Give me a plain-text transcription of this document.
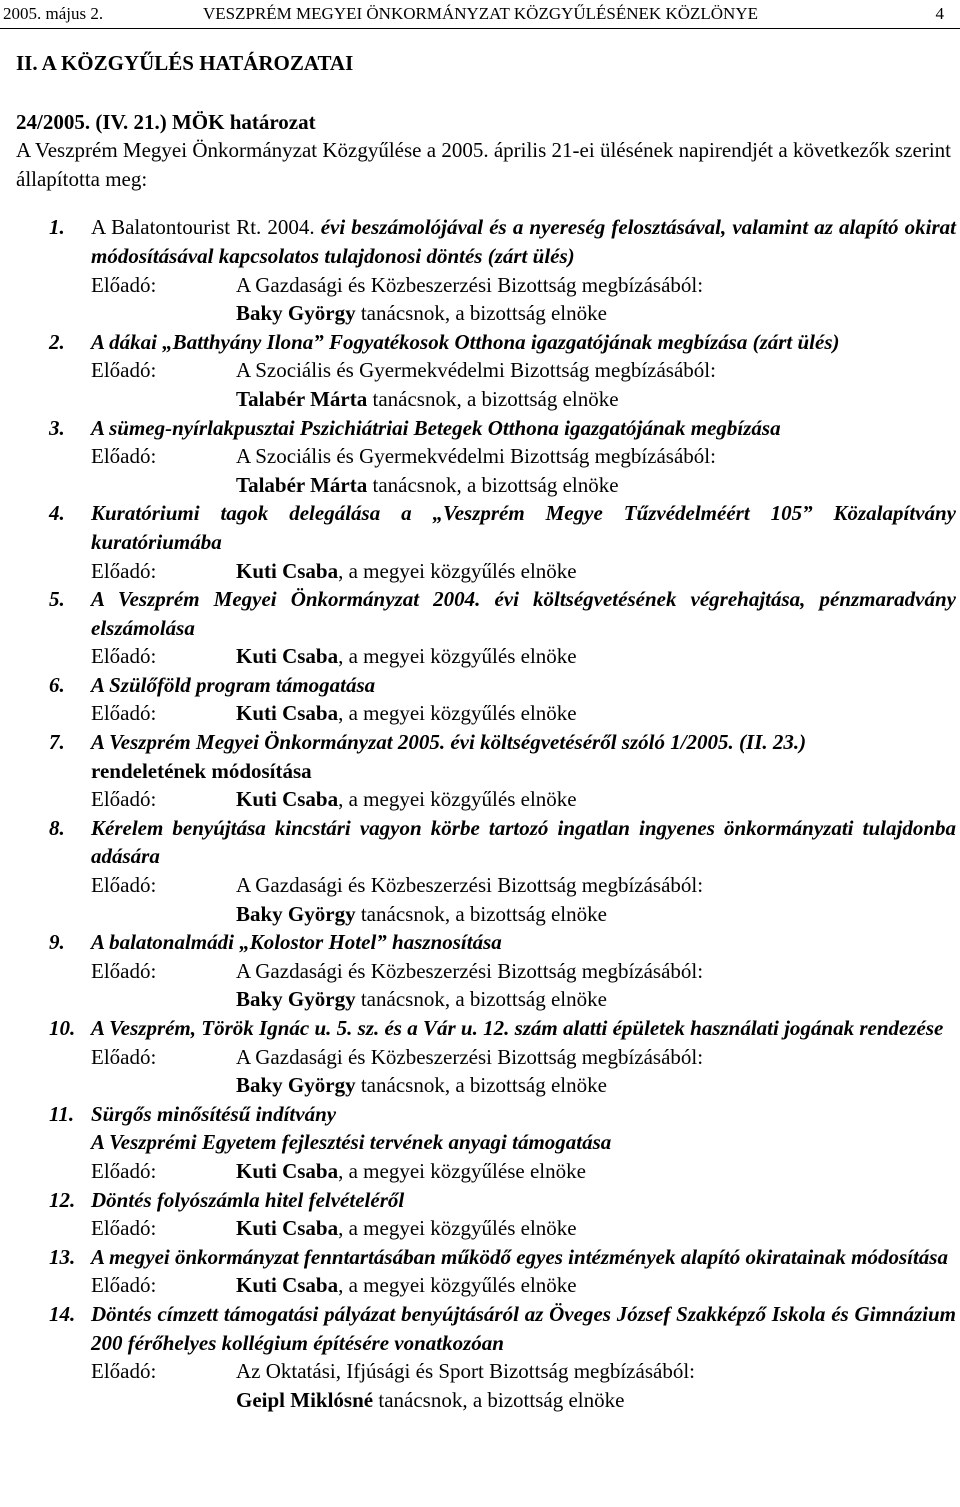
2005. május 2.	VESZPRÉM MEGYEI ÖNKORMÁNYZAT KÖZGYŰLÉSÉNEK KÖZLÖNYE	4
II. A KÖZGYŰLÉS HATÁROZATAI
24/2005. (IV. 21.) MÖK határozat
A Veszprém Megyei Önkormányzat Közgyűlése a 2005. április 21-ei ülésének napirendjét a következők szerint állapította meg:
1. A Balatontourist Rt. 2004. évi beszámolójával és a nyereség felosztásával, valamint az alapító okirat módosításával kapcsolatos tulajdonosi döntés (zárt ülés)
Előadó:	A Gazdasági és Közbeszerzési Bizottság megbízásából:
Baky György tanácsnok, a bizottság elnöke
2. A dákai „Batthyány Ilona” Fogyatékosok Otthona igazgatójának megbízása (zárt ülés)
Előadó:	A Szociális és Gyermekvédelmi Bizottság megbízásából:
Talabér Márta tanácsnok, a bizottság elnöke
3. A sümeg-nyírlakpusztai Pszichiátriai Betegek Otthona igazgatójának megbízása
Előadó:	A Szociális és Gyermekvédelmi Bizottság megbízásából:
Talabér Márta tanácsnok, a bizottság elnöke
4. Kuratóriumi tagok delegálása a „Veszprém Megye Tűzvédelméért 105” Közalapítvány kuratóriumába
Előadó:	Kuti Csaba, a megyei közgyűlés elnöke
5. A Veszprém Megyei Önkormányzat 2004. évi költségvetésének végrehajtása, pénzmaradvány elszámolása
Előadó:	Kuti Csaba, a megyei közgyűlés elnöke
6. A Szülőföld program támogatása
Előadó:	Kuti Csaba, a megyei közgyűlés elnöke
7. A Veszprém Megyei Önkormányzat 2005. évi költségvetéséről szóló 1/2005. (II. 23.)
rendeletének módosítása
Előadó:	Kuti Csaba, a megyei közgyűlés elnöke
8. Kérelem benyújtása kincstári vagyon körbe tartozó ingatlan ingyenes önkormányzati tulajdonba adására
Előadó:	A Gazdasági és Közbeszerzési Bizottság megbízásából:
Baky György tanácsnok, a bizottság elnöke
9. A balatonalmádi „Kolostor Hotel” hasznosítása
Előadó:	A Gazdasági és Közbeszerzési Bizottság megbízásából:
Baky György tanácsnok, a bizottság elnöke
10. A Veszprém, Török Ignác u. 5. sz. és a Vár u. 12. szám alatti épületek használati jogának rendezése
Előadó:	A Gazdasági és Közbeszerzési Bizottság megbízásából:
Baky György tanácsnok, a bizottság elnöke
11. Sürgős minősítésű indítvány
A Veszprémi Egyetem fejlesztési tervének anyagi támogatása
Előadó:	Kuti Csaba, a megyei közgyűlése elnöke
12. Döntés folyószámla hitel felvételéről
Előadó:	Kuti Csaba, a megyei közgyűlés elnöke
13. A megyei önkormányzat fenntartásában működő egyes intézmények alapító okiratainak módosítása
Előadó:	Kuti Csaba, a megyei közgyűlés elnöke
14. Döntés címzett támogatási pályázat benyújtásáról az Öveges József Szakképző Iskola és Gimnázium 200 férőhelyes kollégium építésére vonatkozóan
Előadó:	Az Oktatási, Ifjúsági és Sport Bizottság megbízásából:
Geipl Miklósné tanácsnok, a bizottság elnöke
